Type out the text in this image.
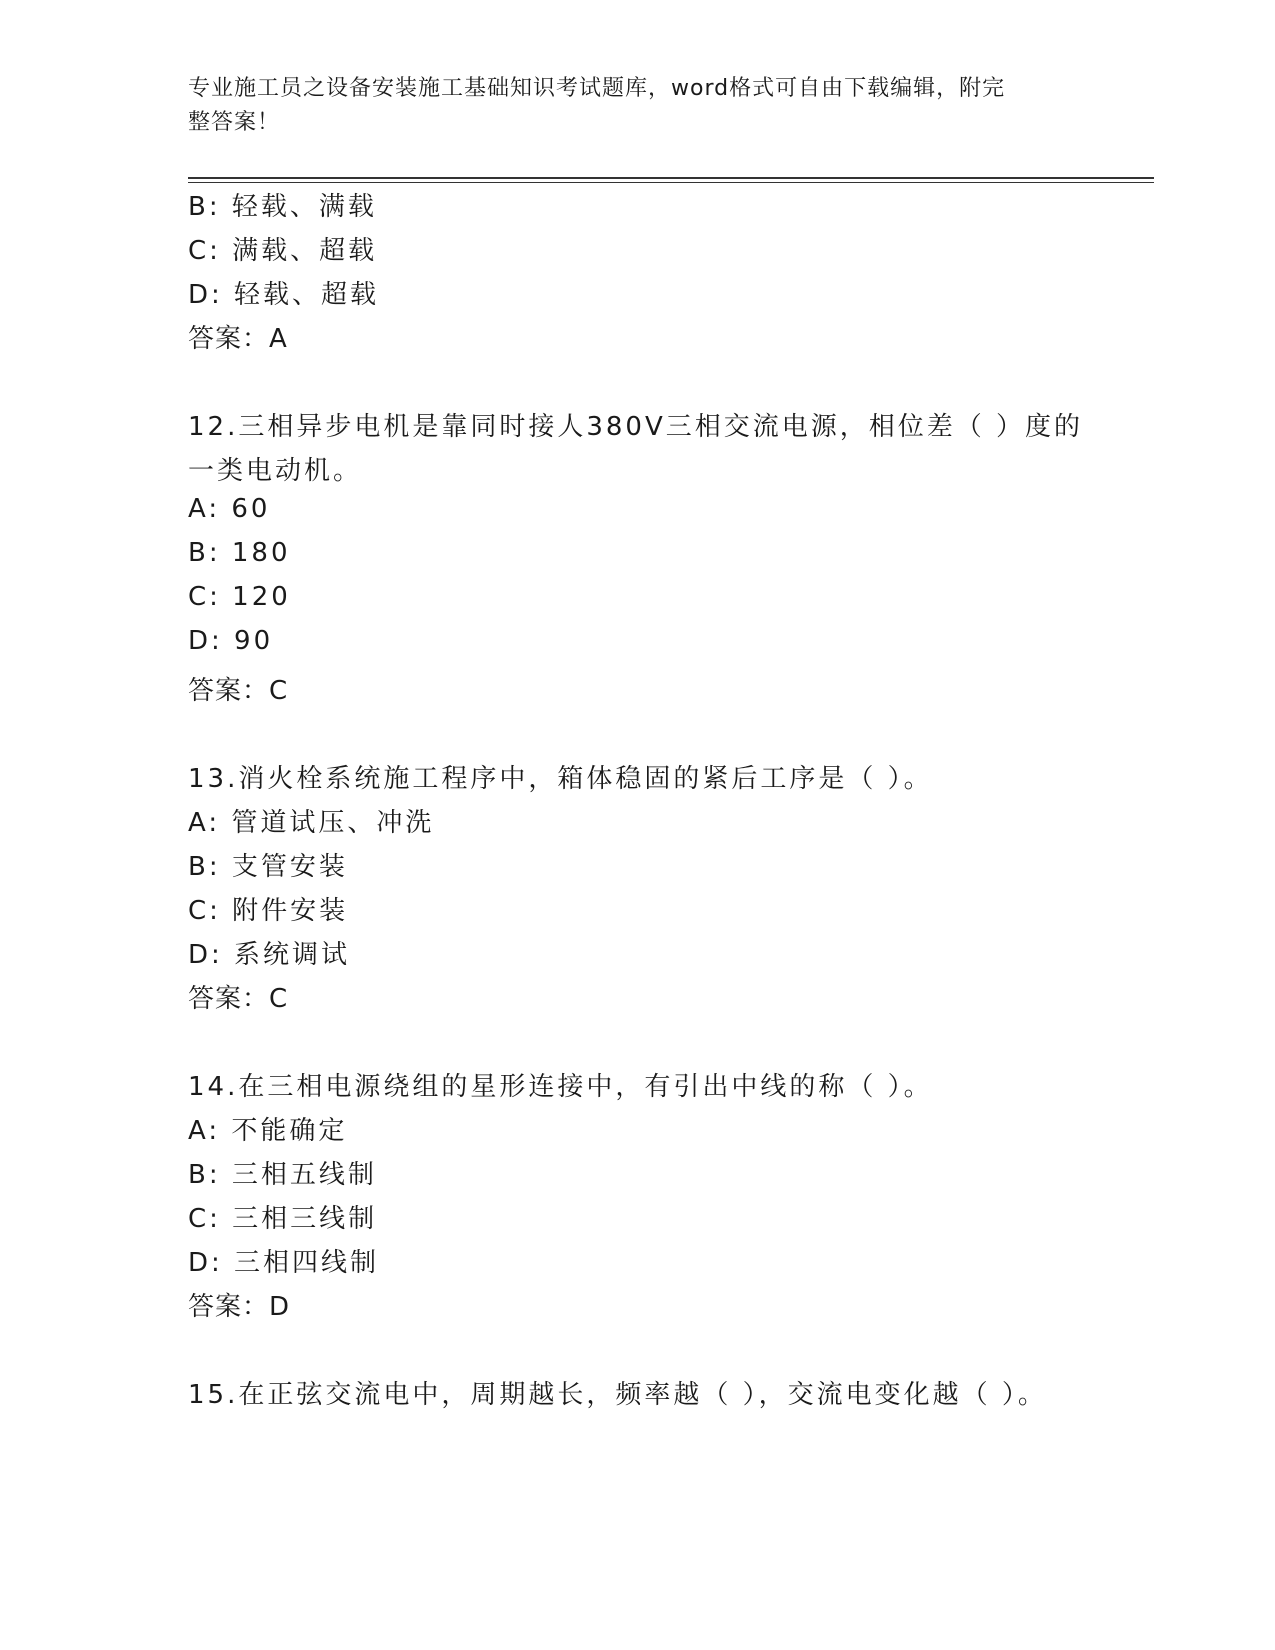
专业施工员之设备安装施工基础知识考试题库，word格式可自由下载编辑，附完
整答案！
B: 轻载、满载
C: 满载、超载
D: 轻载、超载
答案：A
12.三相异步电机是靠同时接人380V三相交流电源，相位差（ ）度的
一类电动机。
A: 60
B: 180
C: 120
D: 90
答案：C
13.消火栓系统施工程序中，箱体稳固的紧后工序是（ ）。
A: 管道试压、冲洗
B: 支管安装
C: 附件安装
D: 系统调试
答案：C
14.在三相电源绕组的星形连接中，有引出中线的称（ ）。
A: 不能确定
B: 三相五线制
C: 三相三线制
D: 三相四线制
答案：D
15.在正弦交流电中，周期越长，频率越（ ），交流电变化越（ ）。
